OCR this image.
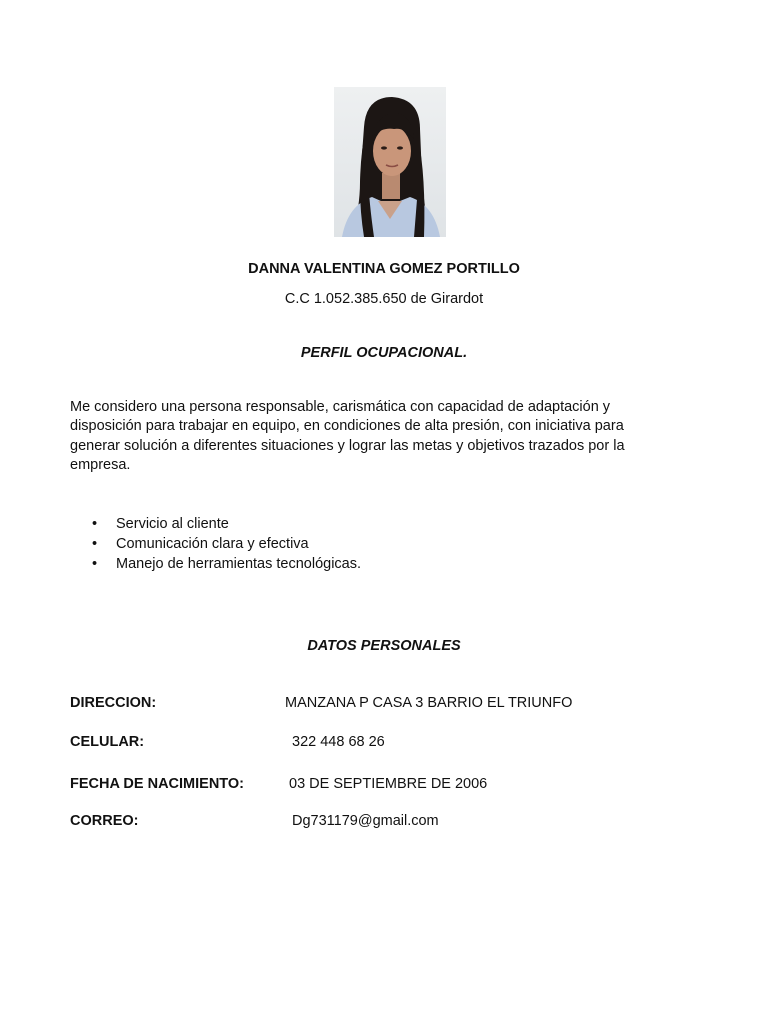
DANNA VALENTINA GOMEZ PORTILLO
C.C 1.052.385.650 de Girardot
PERFIL OCUPACIONAL.

Me considero una persona responsable, carismática con capacidad de adaptación y disposición para trabajar en equipo, en condiciones de alta presión, con iniciativa para generar solución a diferentes situaciones y lograr las metas y objetivos trazados por la empresa.

• Servicio al cliente
• Comunicación clara y efectiva
• Manejo de herramientas tecnológicas.
DATOS PERSONALES
DIRECCION:	MANZANA P CASA 3 BARRIO EL TRIUNFO
CELULAR:	322 448 68 26
FECHA DE NACIMIENTO:	03 DE SEPTIEMBRE DE 2006
CORREO:	Dg731179@gmail.com
